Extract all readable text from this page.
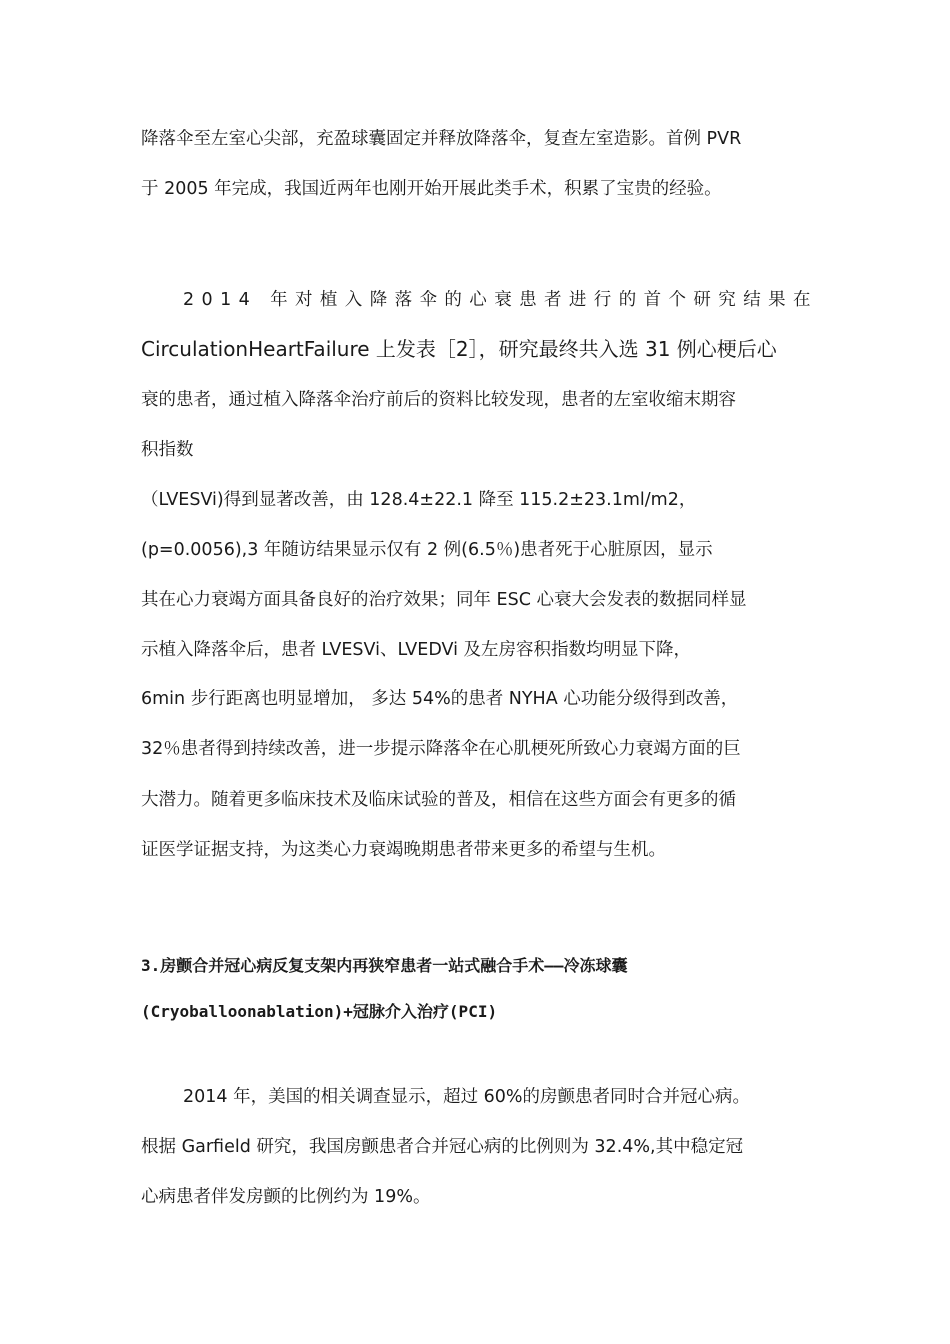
降落伞至左室心尖部，充盈球囊固定并释放降落伞，复查左室造影。首例 PVR
于 2005 年完成，我国近两年也刚开始开展此类手术，积累了宝贵的经验。
2014 年对植入降落伞的心衰患者进行的首个研究结果在
CirculationHeartFailure 上发表［2］，研究最终共入选 31 例心梗后心
衰的患者，通过植入降落伞治疗前后的资料比较发现，患者的左室收缩末期容
积指数
（LVESVi)得到显著改善，由 128.4±22.1 降至 115.2±23.1ml/m2，
(p=0.0056),3 年随访结果显示仅有 2 例(6.5％)患者死于心脏原因，显示
其在心力衰竭方面具备良好的治疗效果；同年 ESC 心衰大会发表的数据同样显
示植入降落伞后，患者 LVESVi、LVEDVi 及左房容积指数均明显下降，
6min 步行距离也明显增加， 多达 54%的患者 NYHA 心功能分级得到改善，
32％患者得到持续改善，进一步提示降落伞在心肌梗死所致心力衰竭方面的巨
大潜力。随着更多临床技术及临床试验的普及，相信在这些方面会有更多的循
证医学证据支持，为这类心力衰竭晚期患者带来更多的希望与生机。
3.房颤合并冠心病反复支架内再狭窄患者一站式融合手术——冷冻球囊
(Cryoballoonablation)+冠脉介入治疗(PCI)
2014 年，美国的相关调查显示，超过 60%的房颤患者同时合并冠心病。
根据 Garfield 研究，我国房颤患者合并冠心病的比例则为 32.4%,其中稳定冠
心病患者伴发房颤的比例约为 19%。
